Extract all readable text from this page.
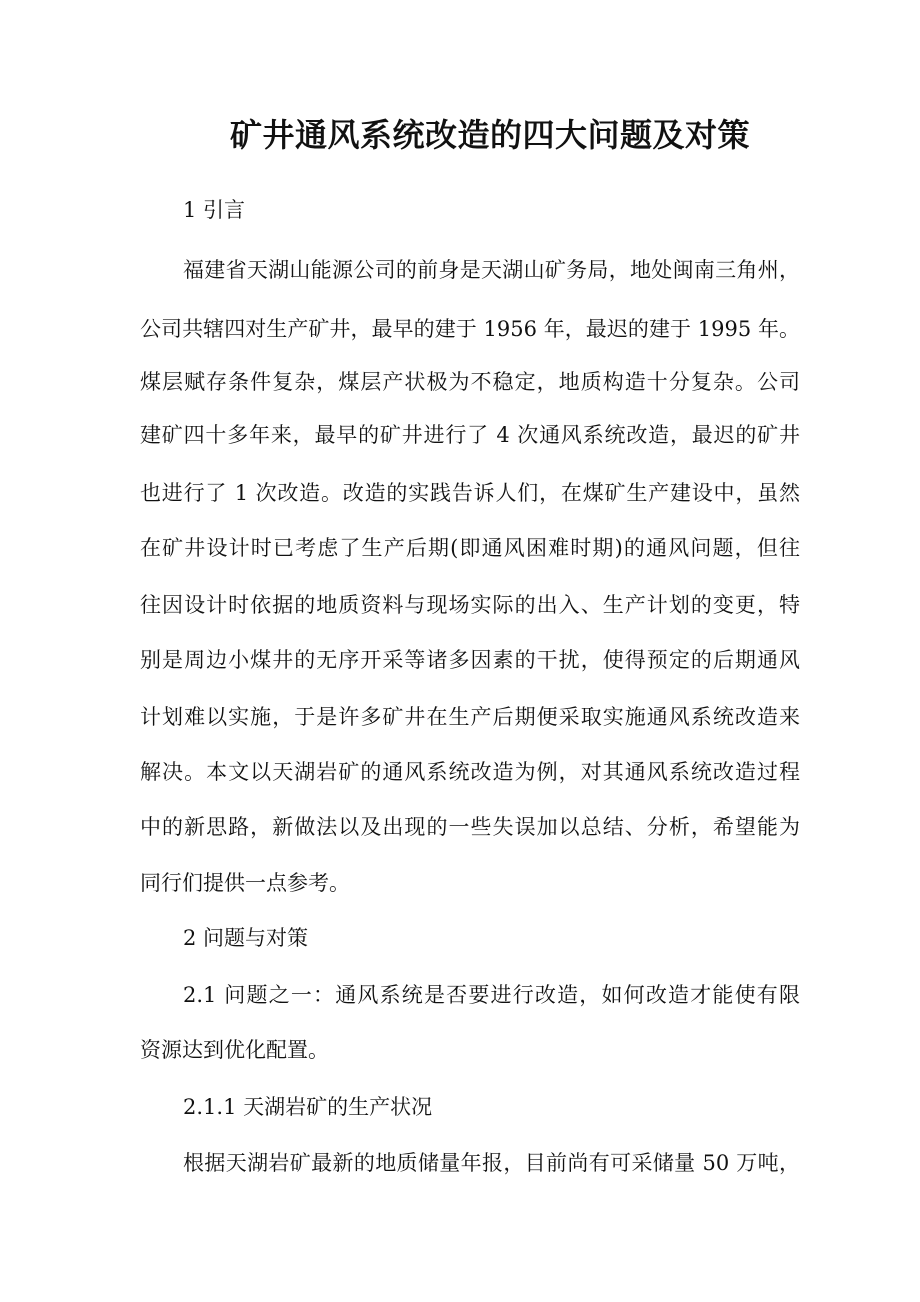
矿井通风系统改造的四大问题及对策
1 引言
福建省天湖山能源公司的前身是天湖山矿务局，地处闽南三角州，
公司共辖四对生产矿井，最早的建于 1956 年，最迟的建于 1995 年。
煤层赋存条件复杂，煤层产状极为不稳定，地质构造十分复杂。公司
建矿四十多年来，最早的矿井进行了 4 次通风系统改造，最迟的矿井
也进行了 1 次改造。改造的实践告诉人们，在煤矿生产建设中，虽然
在矿井设计时已考虑了生产后期(即通风困难时期)的通风问题，但往
往因设计时依据的地质资料与现场实际的出入、生产计划的变更，特
别是周边小煤井的无序开采等诸多因素的干扰，使得预定的后期通风
计划难以实施，于是许多矿井在生产后期便采取实施通风系统改造来
解决。本文以天湖岩矿的通风系统改造为例，对其通风系统改造过程
中的新思路，新做法以及出现的一些失误加以总结、分析，希望能为
同行们提供一点参考。
2 问题与对策
2.1 问题之一：通风系统是否要进行改造，如何改造才能使有限
资源达到优化配置。
2.1.1 天湖岩矿的生产状况
根据天湖岩矿最新的地质储量年报，目前尚有可采储量 50 万吨，
